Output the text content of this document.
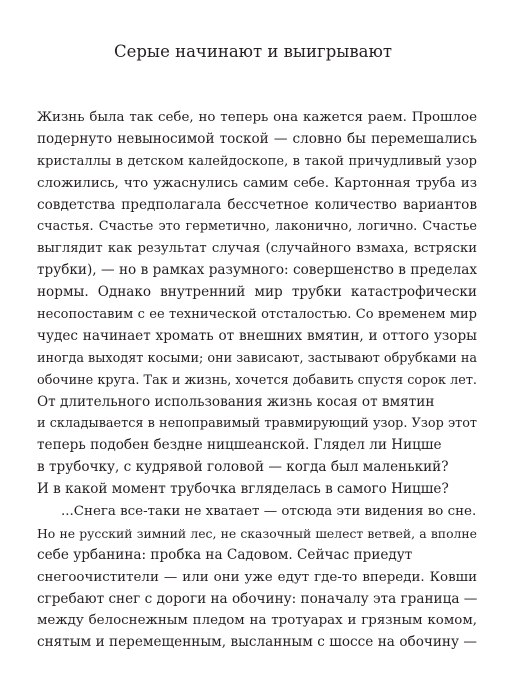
Серые начинают и выигрывают

Жизнь была так себе, но теперь она кажется раем. Прошлое

подернуто невыносимой тоской — словно бы перемешались

кристаллы в детском калейдоскопе, в такой причудливый узор

сложились, что ужаснулись самим себе. Картонная труба из

совдетства предполагала бессчетное количество вариантов

счастья. Счастье это герметично, лаконично, логично. Счастье

выглядит как результат случая (случайного взмаха, встряски

трубки), — но в рамках разумного: совершенство в пределах

нормы. Однако внутренний мир трубки катастрофически

несопоставим с ее технической отсталостью. Со временем мир

чудес начинает хромать от внешних вмятин, и оттого узоры

иногда выходят косыми; они зависают, застывают обрубками на

обочине круга. Так и жизнь, хочется добавить спустя сорок лет.

От длительного использования жизнь косая от вмятин

и складывается в непоправимый травмирующий узор. Узор этот

теперь подобен бездне ницшеанской. Глядел ли Ницше

в трубочку, с кудрявой головой — когда был маленький?

И в какой момент трубочка вгляделась в самого Ницше?

...Снега все-таки не хватает — отсюда эти видения во сне.

Но не русский зимний лес, не сказочный шелест ветвей, а вполне

себе урбанина: пробка на Садовом. Сейчас приедут

снегоочистители — или они уже едут где-то впереди. Ковши

сгребают снег с дороги на обочину: поначалу эта граница —

между белоснежным пледом на тротуарах и грязным комом,

снятым и перемещенным, высланным с шоссе на обочину —
